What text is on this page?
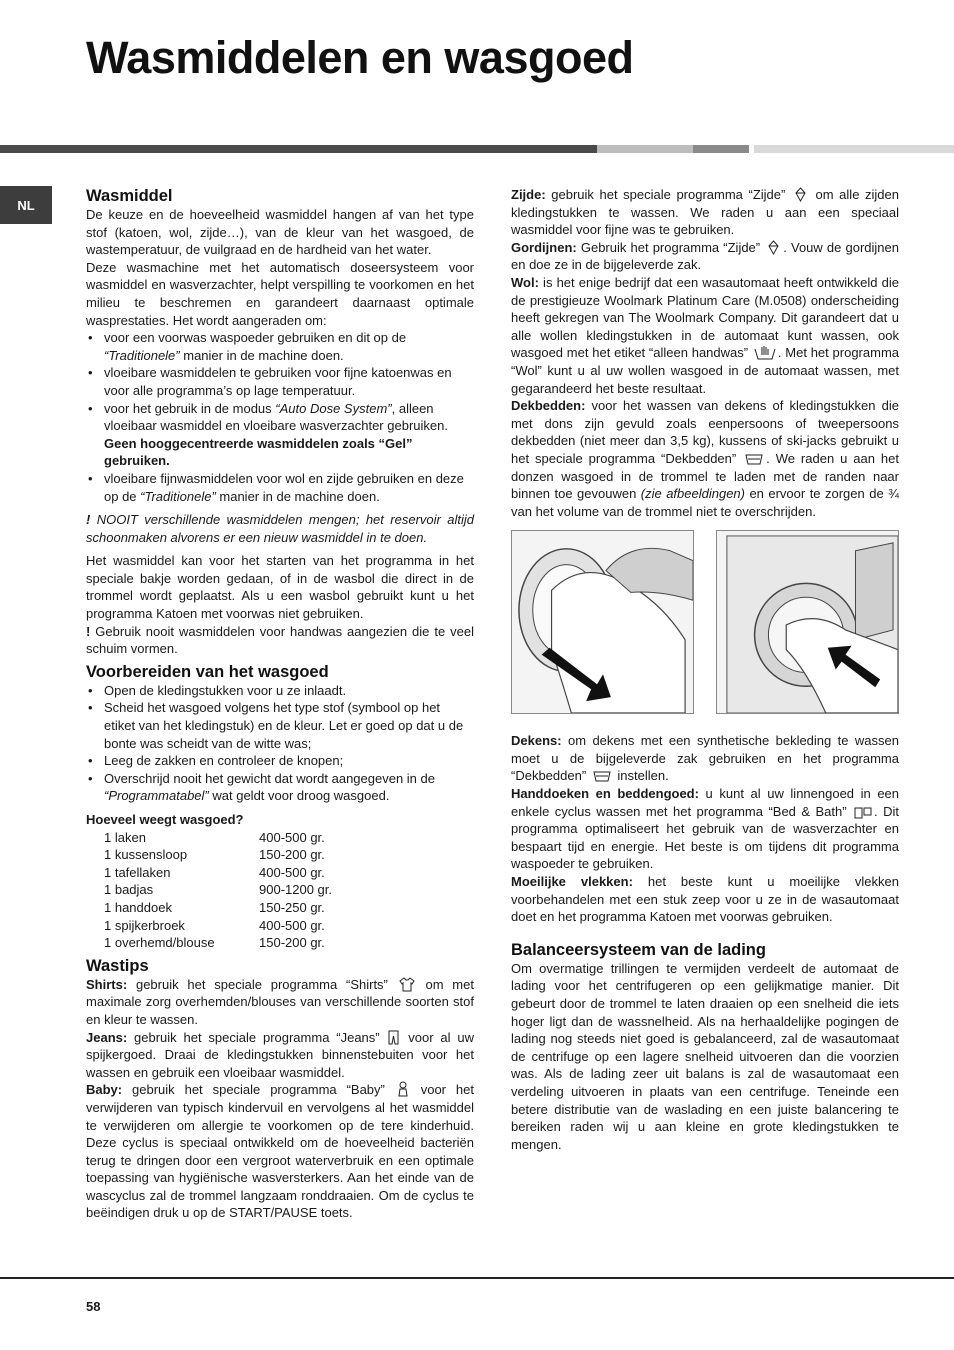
Wasmiddelen en wasgoed
NL	Wasmiddel

De keuze en de hoeveelheid wasmiddel hangen af van het type stof (katoen, wol, zijde…), van de kleur van het wasgoed, de wastemperatuur, de vuilgraad en de hardheid van het water.

Deze wasmachine met het automatisch doseersysteem voor wasmiddel en wasverzachter, helpt verspilling te voorkomen en het milieu te beschremen en garandeert daarnaast optimale wasprestaties. Het wordt aangeraden om:

• voor een voorwas waspoeder gebruiken en dit op de “Traditionele” manier in de machine doen.
• vloeibare wasmiddelen te gebruiken voor fijne katoenwas en voor alle programma’s op lage temperatuur.
• voor het gebruik in de modus “Auto Dose System”, alleen vloeibaar wasmiddel en vloeibare wasverzachter gebruiken. Geen hooggecentreerde wasmiddelen zoals “Gel” gebruiken.
• vloeibare fijnwasmiddelen voor wol en zijde gebruiken en deze op de “Traditionele” manier in de machine doen.

! NOOIT verschillende wasmiddelen mengen; het reservoir altijd schoonmaken alvorens er een nieuw wasmiddel in te doen.

Het wasmiddel kan voor het starten van het programma in het speciale bakje worden gedaan, of in de wasbol die direct in de trommel wordt geplaatst. Als u een wasbol gebruikt kunt u het programma Katoen met voorwas niet gebruiken.

! Gebruik nooit wasmiddelen voor handwas aangezien die te veel schuim vormen.

Voorbereiden van het wasgoed
• Open de kledingstukken voor u ze inlaadt.
• Scheid het wasgoed volgens het type stof (symbool op het etiket van het kledingstuk) en de kleur. Let er goed op dat u de bonte was scheidt van de witte was;
• Leeg de zakken en controleer de knopen;
• Overschrijd nooit het gewicht dat wordt aangegeven in de “Programmatabel” wat geldt voor droog wasgoed.
Hoeveel weegt wasgoed?
1 laken	400-500 gr.
1 kussensloop	150-200 gr.
1 tafellaken	400-500 gr.
1 badjas	900-1200 gr.
1 handdoek	150-250 gr.
1 spijkerbroek	400-500 gr.
1 overhemd/blouse	150-200 gr.
Wastips

Shirts: gebruik het speciale programma “Shirts”  om met maximale zorg overhemden/blouses van verschillende soorten stof en kleur te wassen.

Jeans: gebruik het speciale programma “Jeans”  voor al uw spijkergoed. Draai de kledingstukken binnenstebuiten voor het wassen en gebruik een vloeibaar wasmiddel.

Baby: gebruik het speciale programma “Baby”  voor het verwijderen van typisch kindervuil en vervolgens al het wasmiddel te verwijderen om allergie te voorkomen op de tere kinderhuid. Deze cyclus is speciaal ontwikkeld om de hoeveelheid bacteriën terug te dringen door een vergroot waterverbruik en een optimale toepassing van hygiënische wasversterkers. Aan het einde van de wascyclus zal de trommel langzaam ronddraaien. Om de cyclus te beëindigen druk u op de START/PAUSE toets.

Zijde: gebruik het speciale programma “Zijde”  om alle zijden kledingstukken te wassen. We raden u aan een speciaal wasmiddel voor fijne was te gebruiken.

Gordijnen: Gebruik het programma “Zijde” . Vouw de gordijnen en doe ze in de bijgeleverde zak.

Wol: is het enige bedrijf dat een wasautomaat heeft ontwikkeld die de prestigieuze Woolmark Platinum Care (M.0508) onderscheiding heeft gekregen van The Woolmark Company. Dit garandeert dat u alle wollen kledingstukken in de automaat kunt wassen, ook wasgoed met het etiket “alleen handwas” . Met het programma “Wol” kunt u al uw wollen wasgoed in de automaat wassen, met gegarandeerd het beste resultaat.

Dekbedden: voor het wassen van dekens of kledingstukken die met dons zijn gevuld zoals eenpersoons of tweepersoons dekbedden (niet meer dan 3,5 kg), kussens of ski-jacks gebruikt u het speciale programma “Dekbedden” . We raden u aan het donzen wasgoed in de trommel te laden met de randen naar binnen toe gevouwen (zie afbeeldingen) en ervoor te zorgen de ¾ van het volume van de trommel niet te overschrijden.

Dekens: om dekens met een synthetische bekleding te wassen moet u de bijgeleverde zak gebruiken en het programma “Dekbedden”  instellen.

Handdoeken en beddengoed: u kunt al uw linnengoed in een enkele cyclus wassen met het programma “Bed & Bath” . Dit programma optimaliseert het gebruik van de wasverzachter en bespaart tijd en energie. Het beste is om tijdens dit programma waspoeder te gebruiken.

Moeilijke vlekken: het beste kunt u moeilijke vlekken voorbehandelen met een stuk zeep voor u ze in de wasautomaat doet en het programma Katoen met voorwas gebruiken.

Balanceersysteem van de lading

Om overmatige trillingen te vermijden verdeelt de automaat de lading voor het centrifugeren op een gelijkmatige manier. Dit gebeurt door de trommel te laten draaien op een snelheid die iets hoger ligt dan de wassnelheid. Als na herhaaldelijke pogingen de lading nog steeds niet goed is gebalanceerd, zal de wasautomaat de centrifuge op een lagere snelheid uitvoeren dan die voorzien was. Als de lading zeer uit balans is zal de wasautomaat een verdeling uitvoeren in plaats van een centrifuge. Teneinde een betere distributie van de waslading en een juiste balancering te bereiken raden wij u aan kleine en grote kledingstukken te mengen.

58
